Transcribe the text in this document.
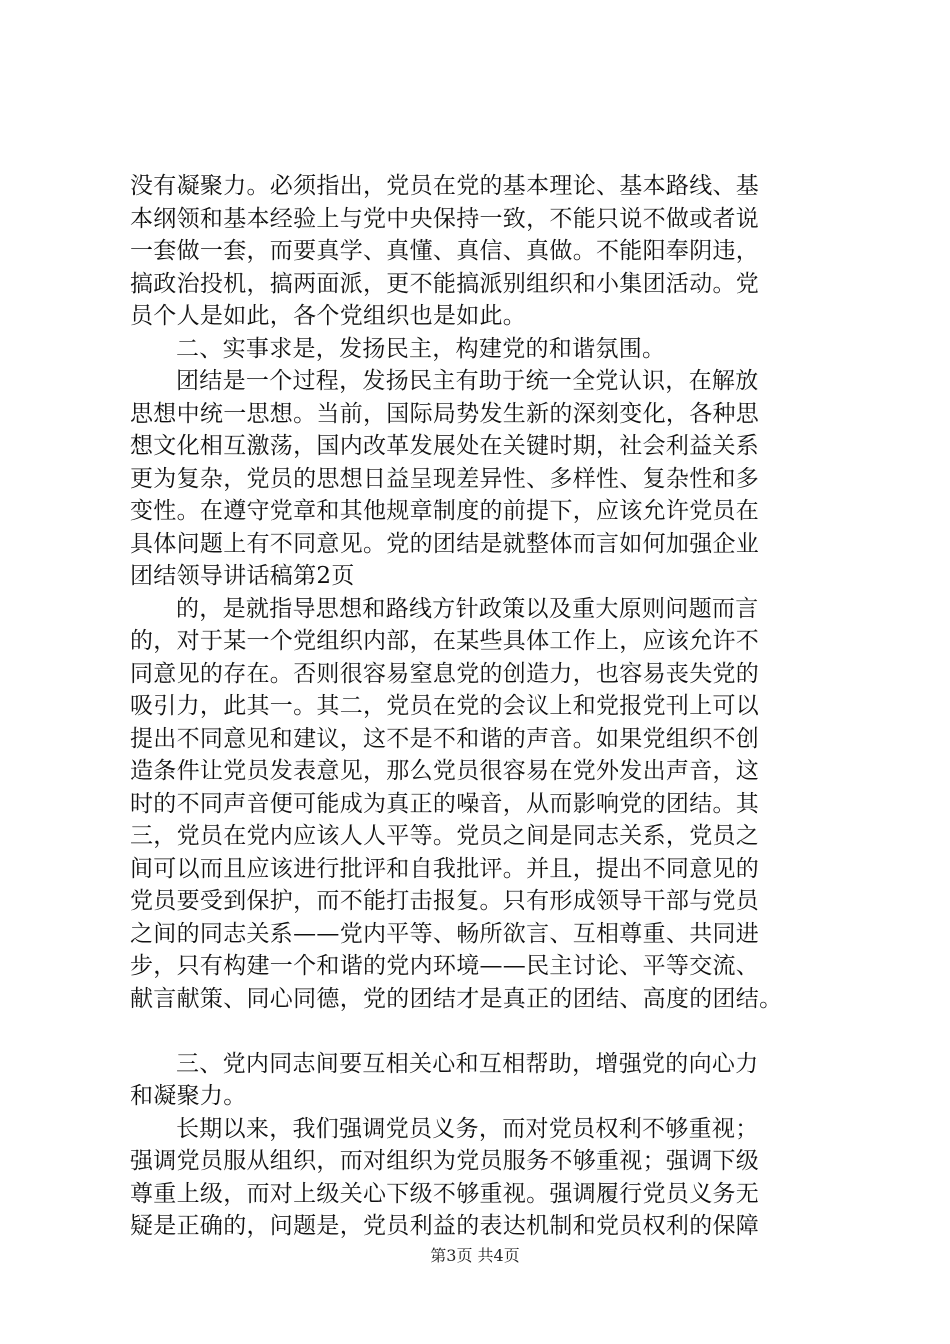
没有凝聚力。必须指出，党员在党的基本理论、基本路线、基
本纲领和基本经验上与党中央保持一致，不能只说不做或者说
一套做一套，而要真学、真懂、真信、真做。不能阳奉阴违，
搞政治投机，搞两面派，更不能搞派别组织和小集团活动。党
员个人是如此，各个党组织也是如此。
二、实事求是，发扬民主，构建党的和谐氛围。
团结是一个过程，发扬民主有助于统一全党认识，在解放
思想中统一思想。当前，国际局势发生新的深刻变化，各种思
想文化相互激荡，国内改革发展处在关键时期，社会利益关系
更为复杂，党员的思想日益呈现差异性、多样性、复杂性和多
变性。在遵守党章和其他规章制度的前提下，应该允许党员在
具体问题上有不同意见。党的团结是就整体而言如何加强企业
团结领导讲话稿第2页
的，是就指导思想和路线方针政策以及重大原则问题而言
的，对于某一个党组织内部，在某些具体工作上，应该允许不
同意见的存在。否则很容易窒息党的创造力，也容易丧失党的
吸引力，此其一。其二，党员在党的会议上和党报党刊上可以
提出不同意见和建议，这不是不和谐的声音。如果党组织不创
造条件让党员发表意见，那么党员很容易在党外发出声音，这
时的不同声音便可能成为真正的噪音，从而影响党的团结。其
三，党员在党内应该人人平等。党员之间是同志关系，党员之
间可以而且应该进行批评和自我批评。并且，提出不同意见的
党员要受到保护，而不能打击报复。只有形成领导干部与党员
之间的同志关系——党内平等、畅所欲言、互相尊重、共同进
步，只有构建一个和谐的党内环境——民主讨论、平等交流、
献言献策、同心同德，党的团结才是真正的团结、高度的团结。
三、党内同志间要互相关心和互相帮助，增强党的向心力
和凝聚力。
长期以来，我们强调党员义务，而对党员权利不够重视；
强调党员服从组织，而对组织为党员服务不够重视；强调下级
尊重上级，而对上级关心下级不够重视。强调履行党员义务无
疑是正确的，问题是，党员利益的表达机制和党员权利的保障
第3页 共4页
